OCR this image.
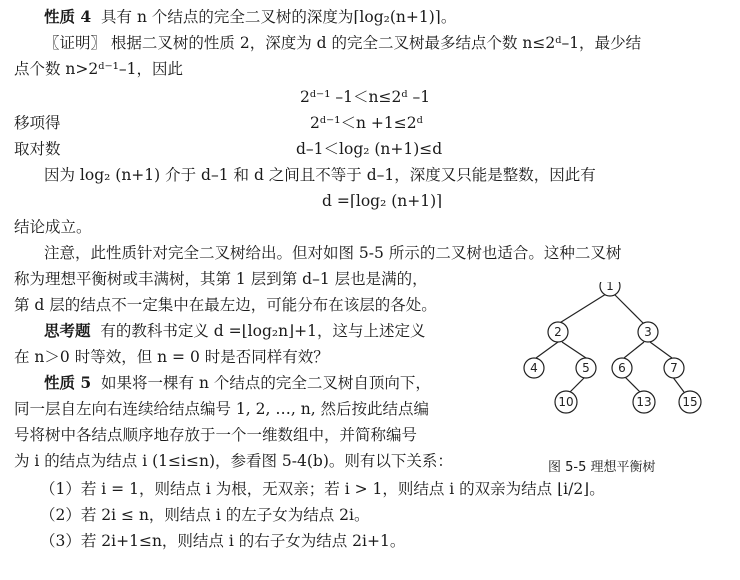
性质 4 具有 n 个结点的完全二叉树的深度为⌈log₂(n+1)⌉。
〖证明〗 根据二叉树的性质 2，深度为 d 的完全二叉树最多结点个数 n≤2ᵈ–1，最少结
点个数 n>2ᵈ⁻¹–1，因此
2ᵈ⁻¹ –1＜n≤2ᵈ –1
移项得	2ᵈ⁻¹＜n +1≤2ᵈ
取对数	d–1＜log₂ (n+1)≤d
因为 log₂ (n+1) 介于 d–1 和 d 之间且不等于 d–1，深度又只能是整数，因此有
d =⌈log₂ (n+1)⌉
结论成立。
注意，此性质针对完全二叉树给出。但对如图 5-5 所示的二叉树也适合。这种二叉树
称为理想平衡树或丰满树，其第 1 层到第 d–1 层也是满的，
第 d 层的结点不一定集中在最左边，可能分布在该层的各处。
思考题 有的教科书定义 d =⌊log₂n⌋+1，这与上述定义
在 n＞0 时等效，但 n = 0 时是否同样有效？
性质 5 如果将一棵有 n 个结点的完全二叉树自顶向下，
同一层自左向右连续给结点编号 1, 2, …, n, 然后按此结点编
号将树中各结点顺序地存放于一个一维数组中，并简称编号
为 i 的结点为结点 i (1≤i≤n)，参看图 5-4(b)。则有以下关系：
（1）若 i = 1，则结点 i 为根，无双亲；若 i > 1，则结点 i 的双亲为结点 ⌊i/2⌋。
（2）若 2i ≤ n，则结点 i 的左子女为结点 2i。
（3）若 2i+1≤n，则结点 i 的右子女为结点 2i+1。
1
2	3
4	5 6	7
10	13	15
图 5-5 理想平衡树
